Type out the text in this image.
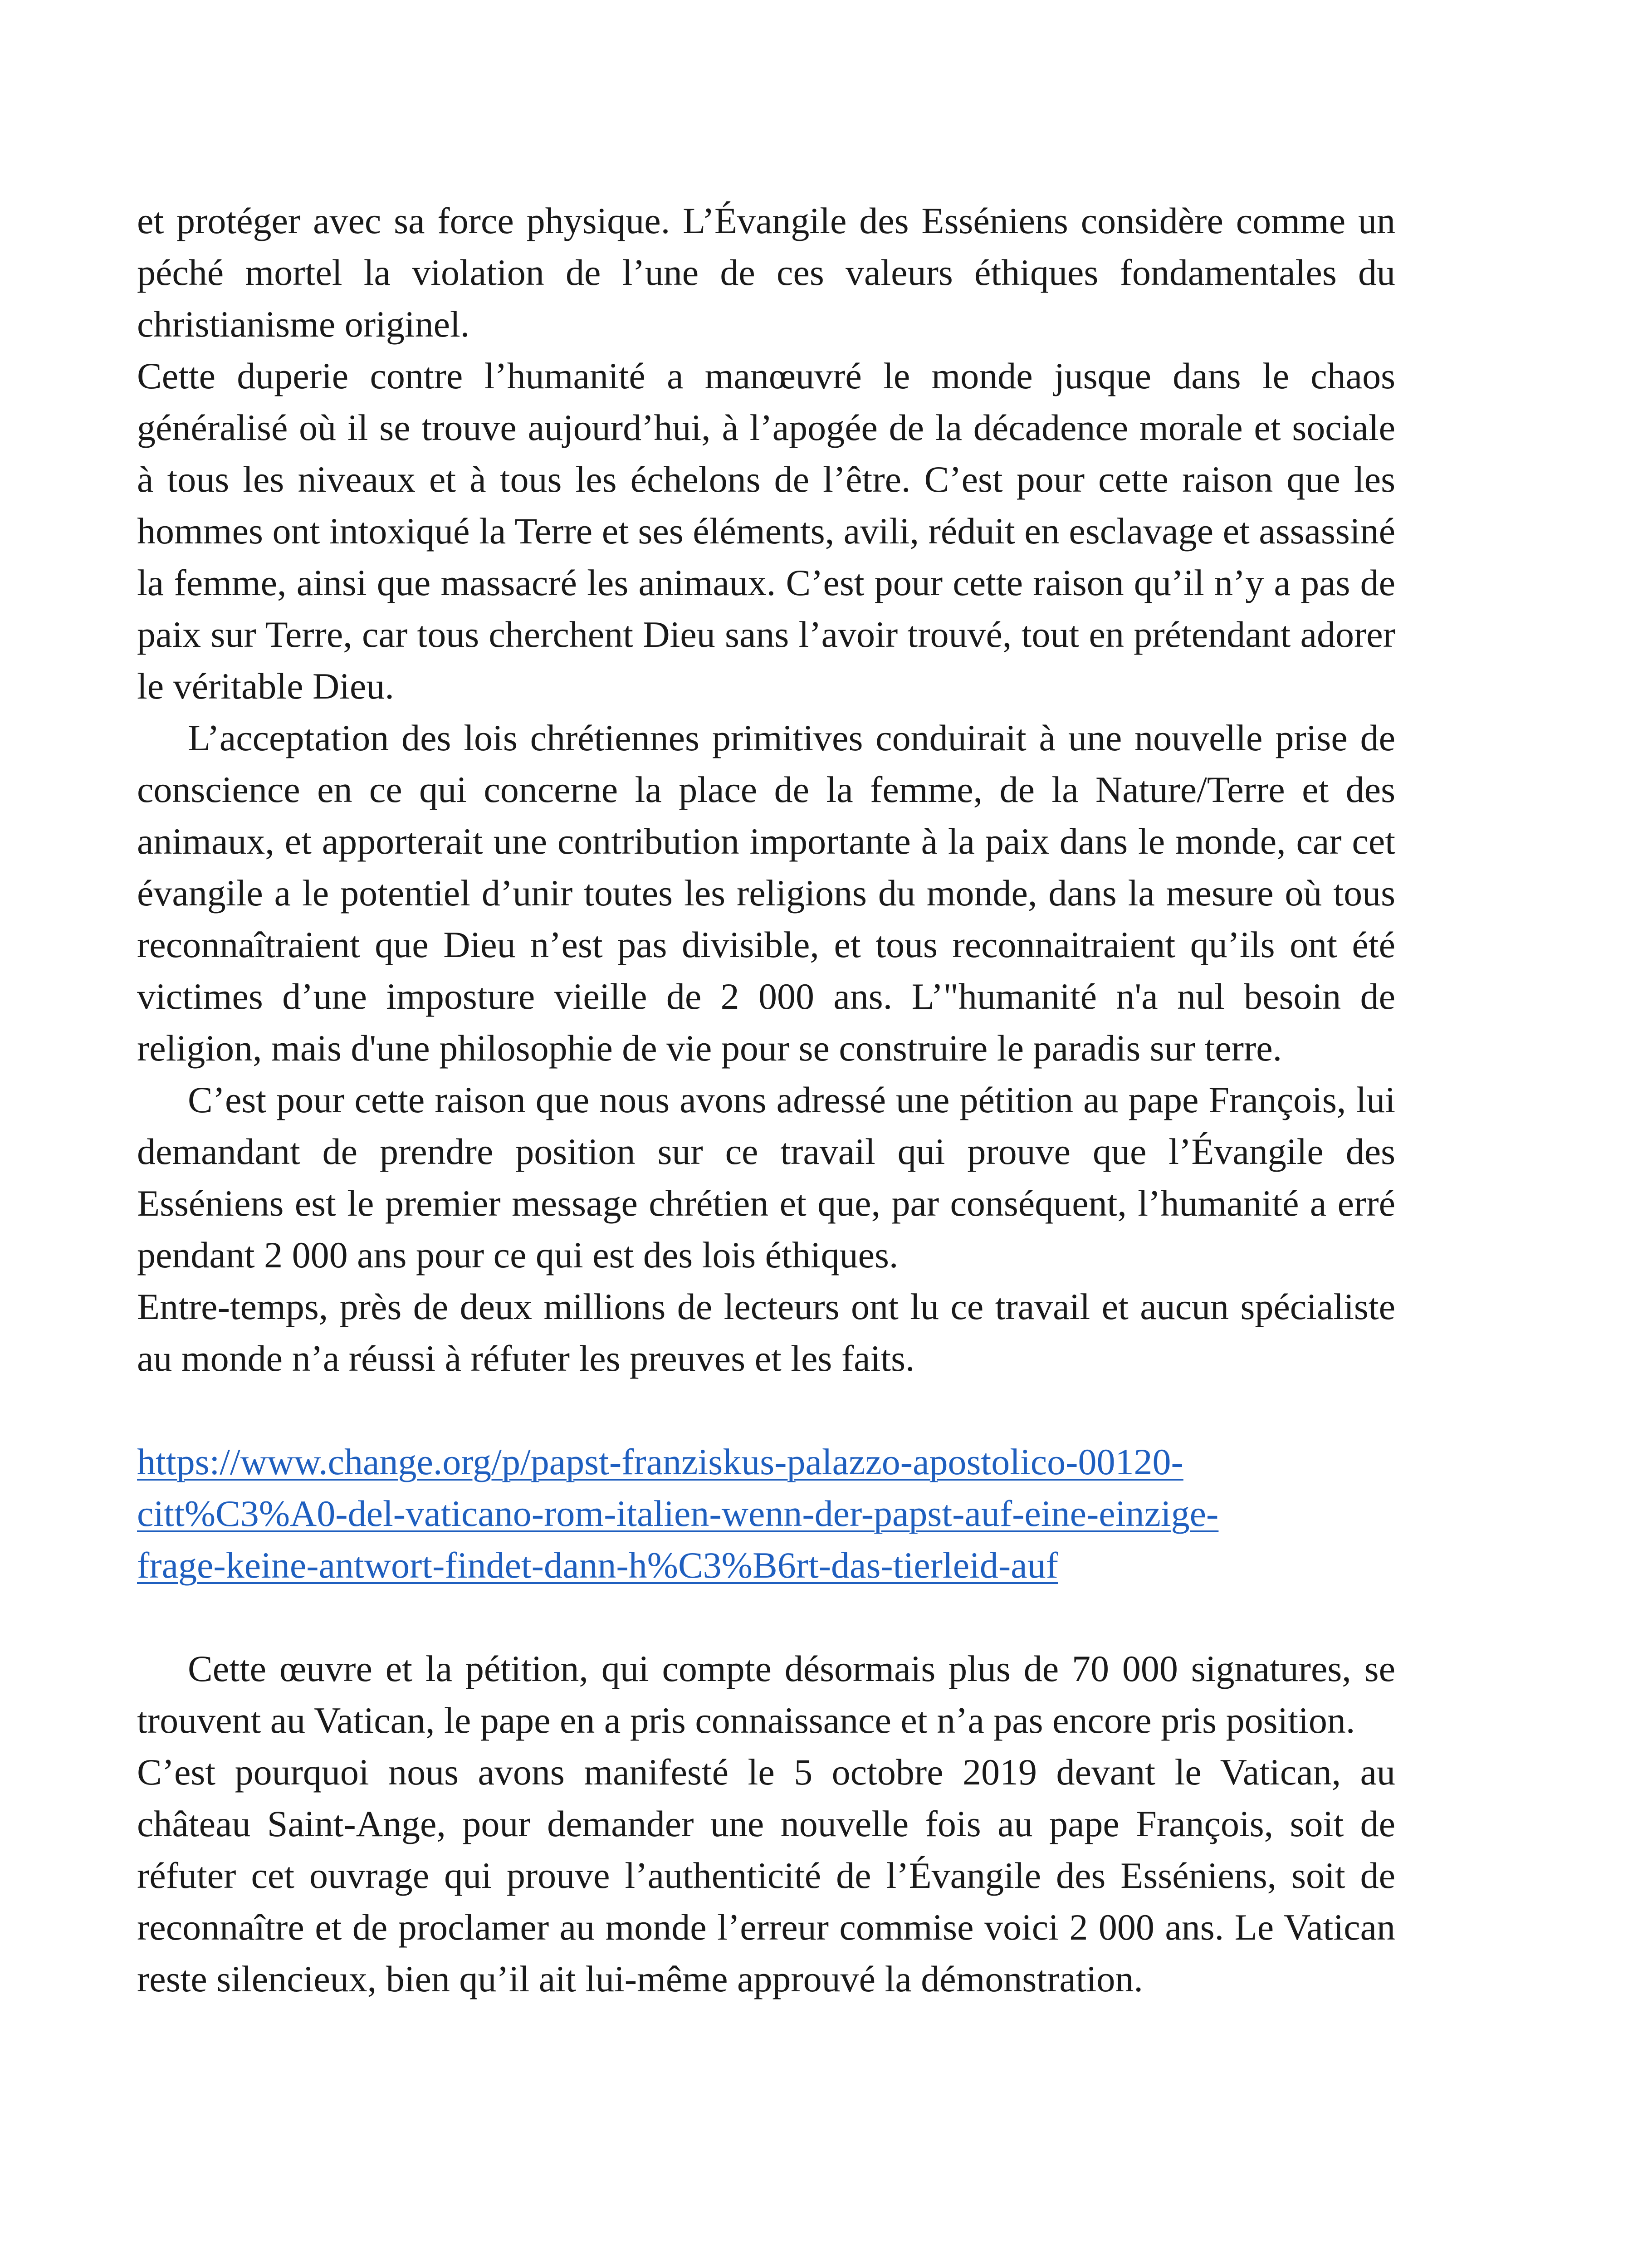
et protéger avec sa force physique. L’Évangile des Esséniens considère comme un péché mortel la violation de l’une de ces valeurs éthiques fondamentales du christianisme originel.

Cette duperie contre l’humanité a manœuvré le monde jusque dans le chaos généralisé où il se trouve aujourd’hui, à l’apogée de la décadence morale et sociale à tous les niveaux et à tous les échelons de l’être. C’est pour cette raison que les hommes ont intoxiqué la Terre et ses éléments, avili, réduit en esclavage et assassiné la femme, ainsi que massacré les animaux. C’est pour cette raison qu’il n’y a pas de paix sur Terre, car tous cherchent Dieu sans l’avoir trouvé, tout en prétendant adorer le véritable Dieu.

L’acceptation des lois chrétiennes primitives conduirait à une nouvelle prise de conscience en ce qui concerne la place de la femme, de la Nature/Terre et des animaux, et apporterait une contribution importante à la paix dans le monde, car cet évangile a le potentiel d’unir toutes les religions du monde, dans la mesure où tous reconnaîtraient que Dieu n’est pas divisible, et tous reconnaitraient qu’ils ont été victimes d’une imposture vieille de 2 000 ans. L’"humanité n'a nul besoin de religion, mais d'une philosophie de vie pour se construire le paradis sur terre.

C’est pour cette raison que nous avons adressé une pétition au pape François, lui demandant de prendre position sur ce travail qui prouve que l’Évangile des Esséniens est le premier message chrétien et que, par conséquent, l’humanité a erré pendant 2 000 ans pour ce qui est des lois éthiques.

Entre-temps, près de deux millions de lecteurs ont lu ce travail et aucun spécialiste au monde n’a réussi à réfuter les preuves et les faits.

https://www.change.org/p/papst-franziskus-palazzo-apostolico-00120-
citt%C3%A0-del-vaticano-rom-italien-wenn-der-papst-auf-eine-einzige-
frage-keine-antwort-findet-dann-h%C3%B6rt-das-tierleid-auf

Cette œuvre et la pétition, qui compte désormais plus de 70 000 signatures, se trouvent au Vatican, le pape en a pris connaissance et n’a pas encore pris position.

C’est pourquoi nous avons manifesté le 5 octobre 2019 devant le Vatican, au château Saint-Ange, pour demander une nouvelle fois au pape François, soit de réfuter cet ouvrage qui prouve l’authenticité de l’Évangile des Esséniens, soit de reconnaître et de proclamer au monde l’erreur commise voici 2 000 ans. Le Vatican reste silencieux, bien qu’il ait lui-même approuvé la démonstration.
